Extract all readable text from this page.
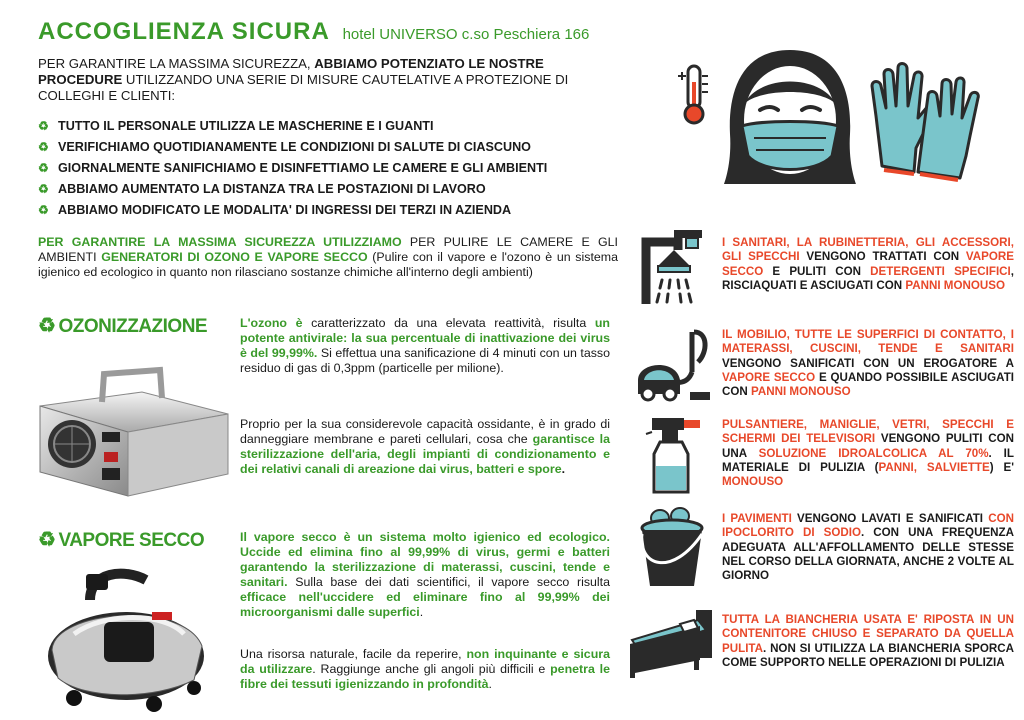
ACCOGLIENZA SICURA hotel UNIVERSO c.so Peschiera 166
PER GARANTIRE LA MASSIMA SICUREZZA, ABBIAMO POTENZIATO LE NOSTRE PROCEDURE UTILIZZANDO UNA SERIE DI MISURE CAUTELATIVE A PROTEZIONE DI COLLEGHI E CLIENTI:
♻ TUTTO IL PERSONALE UTILIZZA LE MASCHERINE E I GUANTI
♻ VERIFICHIAMO QUOTIDIANAMENTE LE CONDIZIONI DI SALUTE DI CIASCUNO
♻ GIORNALMENTE SANIFICHIAMO E DISINFETTIAMO LE CAMERE E GLI AMBIENTI
♻ ABBIAMO AUMENTATO LA DISTANZA TRA LE POSTAZIONI DI LAVORO
♻ ABBIAMO MODIFICATO LE MODALITA' DI INGRESSI DEI TERZI IN AZIENDA
PER GARANTIRE LA MASSIMA SICUREZZA UTILIZZIAMO PER PULIRE LE CAMERE E GLI AMBIENTI GENERATORI DI OZONO E VAPORE SECCO (Pulire con il vapore e l'ozono è un sistema igienico ed ecologico in quanto non rilasciano sostanze chimiche all'interno degli ambienti)
♻ OZONIZZAZIONE	L'ozono è caratterizzato da una elevata reattività, risulta un potente antivirale: la sua percentuale di inattivazione dei virus è del 99,99%. Si effettua una sanificazione di 4 minuti con un tasso residuo di gas di 0,3ppm (particelle per milione).
Proprio per la sua considerevole capacità ossidante, è in grado di danneggiare membrane e pareti cellulari, cosa che garantisce la sterilizzazione dell'aria, degli impianti di condizionamento e dei relativi canali di areazione dai virus, batteri e spore.
♻ VAPORE SECCO	Il vapore secco è un sistema molto igienico ed ecologico. Uccide ed elimina fino al 99,99% di virus, germi e batteri garantendo la sterilizzazione di materassi, cuscini, tende e sanitari. Sulla base dei dati scientifici, il vapore secco risulta efficace nell'uccidere ed eliminare fino al 99,99% dei microorganismi dalle superfici.
Una risorsa naturale, facile da reperire, non inquinante e sicura da utilizzare. Raggiunge anche gli angoli più difficili e penetra le fibre dei tessuti igienizzando in profondità.
I SANITARI, LA RUBINETTERIA, GLI ACCESSORI, GLI SPECCHI VENGONO TRATTATI CON VAPORE SECCO E PULITI CON DETERGENTI SPECIFICI, RISCIAQUATI E ASCIUGATI CON PANNI MONOUSO
IL MOBILIO, TUTTE LE SUPERFICI DI CONTATTO, I MATERASSI, CUSCINI, TENDE E SANITARI VENGONO SANIFICATI CON UN EROGATORE A VAPORE SECCO E QUANDO POSSIBILE ASCIUGATI CON PANNI MONOUSO
PULSANTIERE, MANIGLIE, VETRI, SPECCHI E SCHERMI DEI TELEVISORI VENGONO PULITI CON UNA SOLUZIONE IDROALCOLICA AL 70%. IL MATERIALE DI PULIZIA (PANNI, SALVIETTE) E' MONOUSO
I PAVIMENTI VENGONO LAVATI E SANIFICATI CON IPOCLORITO DI SODIO. CON UNA FREQUENZA ADEGUATA ALL'AFFOLLAMENTO DELLE STESSE NEL CORSO DELLA GIORNATA, ANCHE 2 VOLTE AL GIORNO
TUTTA LA BIANCHERIA USATA E' RIPOSTA IN UN CONTENITORE CHIUSO E SEPARATO DA QUELLA PULITA. NON SI UTILIZZA LA BIANCHERIA SPORCA COME SUPPORTO NELLE OPERAZIONI DI PULIZIA
